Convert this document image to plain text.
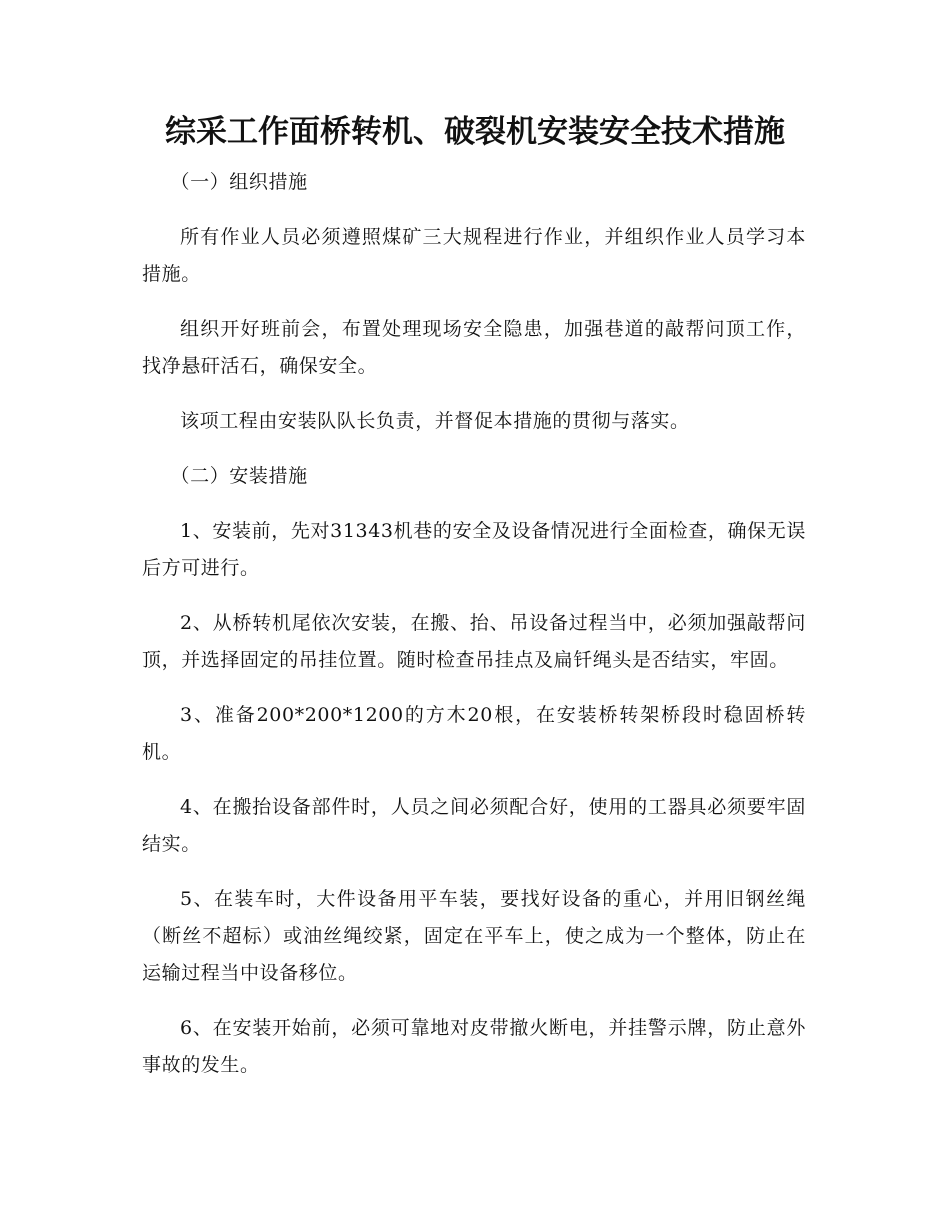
综采工作面桥转机、破裂机安装安全技术措施

（一）组织措施

所有作业人员必须遵照煤矿三大规程进行作业，并组织作业人员学习本措施。

组织开好班前会，布置处理现场安全隐患，加强巷道的敲帮问顶工作，找净悬矸活石，确保安全。

该项工程由安装队队长负责，并督促本措施的贯彻与落实。

（二）安装措施

1、安装前，先对31343机巷的安全及设备情况进行全面检查，确保无误后方可进行。

2、从桥转机尾依次安装，在搬、抬、吊设备过程当中，必须加强敲帮问顶，并选择固定的吊挂位置。随时检查吊挂点及扁钎绳头是否结实，牢固。

3、准备200*200*1200的方木20根，在安装桥转架桥段时稳固桥转机。

4、在搬抬设备部件时，人员之间必须配合好，使用的工器具必须要牢固结实。

5、在装车时，大件设备用平车装，要找好设备的重心，并用旧钢丝绳（断丝不超标）或油丝绳绞紧，固定在平车上，使之成为一个整体，防止在运输过程当中设备移位。

6、在安装开始前，必须可靠地对皮带撤火断电，并挂警示牌，防止意外事故的发生。
